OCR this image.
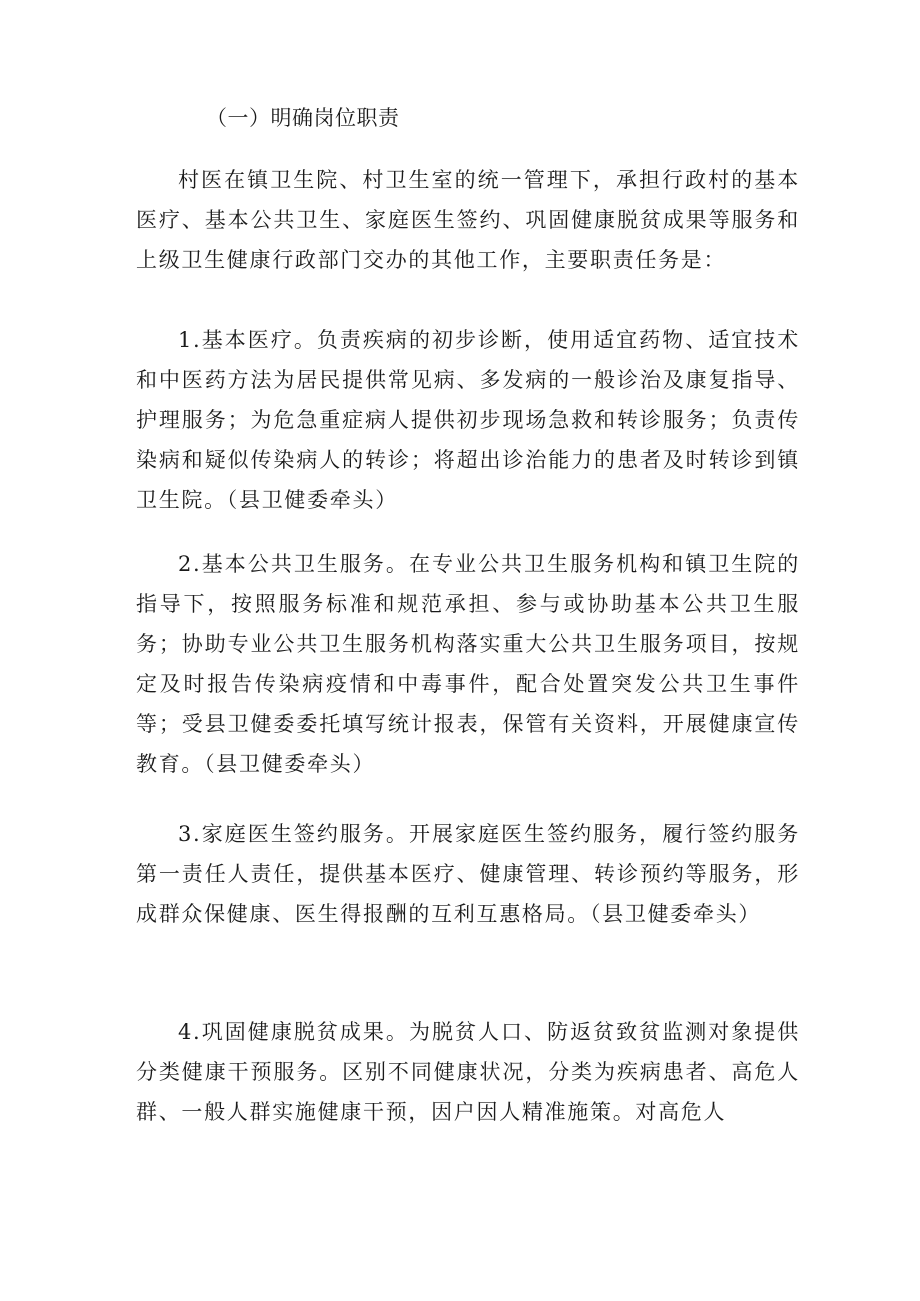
（一）明确岗位职责
村医在镇卫生院、村卫生室的统一管理下，承担行政村的基本医疗、基本公共卫生、家庭医生签约、巩固健康脱贫成果等服务和上级卫生健康行政部门交办的其他工作，主要职责任务是：
1.基本医疗。负责疾病的初步诊断，使用适宜药物、适宜技术和中医药方法为居民提供常见病、多发病的一般诊治及康复指导、护理服务；为危急重症病人提供初步现场急救和转诊服务；负责传染病和疑似传染病人的转诊；将超出诊治能力的患者及时转诊到镇卫生院。（县卫健委牵头）
2.基本公共卫生服务。在专业公共卫生服务机构和镇卫生院的指导下，按照服务标准和规范承担、参与或协助基本公共卫生服务；协助专业公共卫生服务机构落实重大公共卫生服务项目，按规定及时报告传染病疫情和中毒事件，配合处置突发公共卫生事件等；受县卫健委委托填写统计报表，保管有关资料，开展健康宣传教育。（县卫健委牵头）
3.家庭医生签约服务。开展家庭医生签约服务，履行签约服务第一责任人责任，提供基本医疗、健康管理、转诊预约等服务，形成群众保健康、医生得报酬的互利互惠格局。（县卫健委牵头）
4.巩固健康脱贫成果。为脱贫人口、防返贫致贫监测对象提供分类健康干预服务。区别不同健康状况，分类为疾病患者、高危人群、一般人群实施健康干预，因户因人精准施策。对高危人
